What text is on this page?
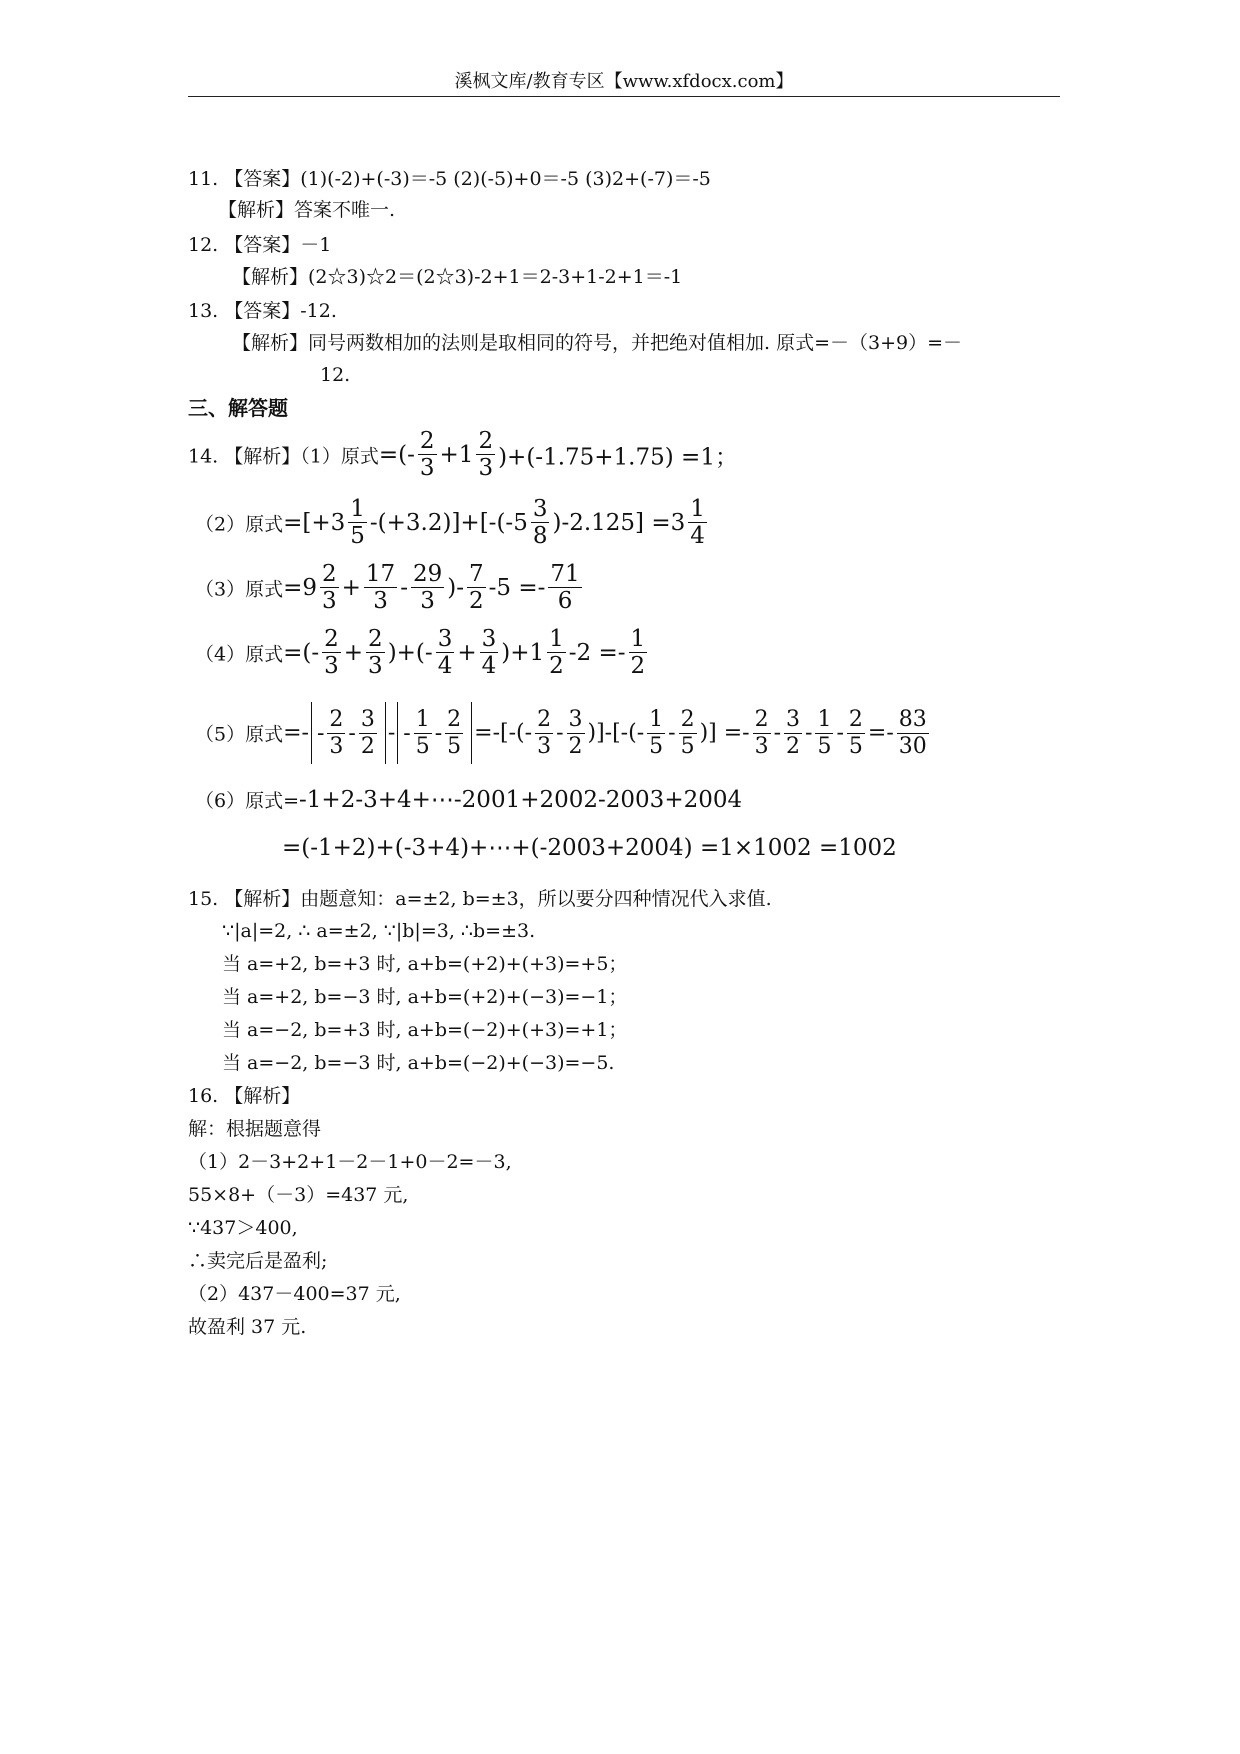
溪枫文库/教育专区【www.xfdocx.com】
11. 【答案】(1)(-2)+(-3)＝-5 (2)(-5)+0＝-5 (3)2+(-7)＝-5
【解析】答案不唯一.
12. 【答案】－1
【解析】(2☆3)☆2＝(2☆3)-2+1＝2-3+1-2+1＝-1
13. 【答案】-12.
【解析】同号两数相加的法则是取相同的符号，并把绝对值相加. 原式=－（3+9）=－
12.
三、解答题
14. 【解析】（1）原式=(- $\frac{2}{3} +1 \frac{2}{3} )+(-1.75+1.75) =1$；
（2）原式$=[+3 \frac{1}{5} -(+3.2)]+[-(-5 \frac{3}{8} )-2.125] =3 \frac{1}{4}$
（3）原式$=9 \frac{2}{3} + \frac{17}{3} - \frac{29}{3}$ )- $\frac{7}{2} -5 =- \frac{71}{6}$
（4）原式=(- $\frac{2}{3} + \frac{2}{3}$ )+(- $\frac{3}{4} + \frac{3}{4} )+1 \frac{1}{2} -2 =- \frac{1}{2}$
（5）原式=- - $\frac{2}{3} - \frac{3}{2}$ - - $\frac{1}{5} - \frac{2}{5}$ =-[-(- $\frac{2}{3} - \frac{3}{2}$ )]-[-(- $\frac{1}{5} - \frac{2}{5}$ )] =- $\frac{2}{3} - \frac{3}{2} - \frac{1}{5} - \frac{2}{5} =- \frac{83}{30}$
（6）原式=-1+2-3+4+⋯-2001+2002-2003+2004
=(-1+2)+(-3+4)+⋯+(-2003+2004) =1×1002 =1002
15. 【解析】由题意知：a=±2, b=±3，所以要分四种情况代入求值.
∵|a|=2, ∴ a=±2, ∵|b|=3, ∴b=±3.
当 a=+2, b=+3 时, a+b=(+2)+(+3)=+5；
当 a=+2, b=−3 时, a+b=(+2)+(−3)=−1；
当 a=−2, b=+3 时, a+b=(−2)+(+3)=+1；
当 a=−2, b=−3 时, a+b=(−2)+(−3)=−5.
16. 【解析】
解：根据题意得
（1）2－3+2+1－2－1+0－2=－3,
55×8+（－3）=437 元,
∵437＞400,
∴卖完后是盈利;
（2）437－400=37 元,
故盈利 37 元.
